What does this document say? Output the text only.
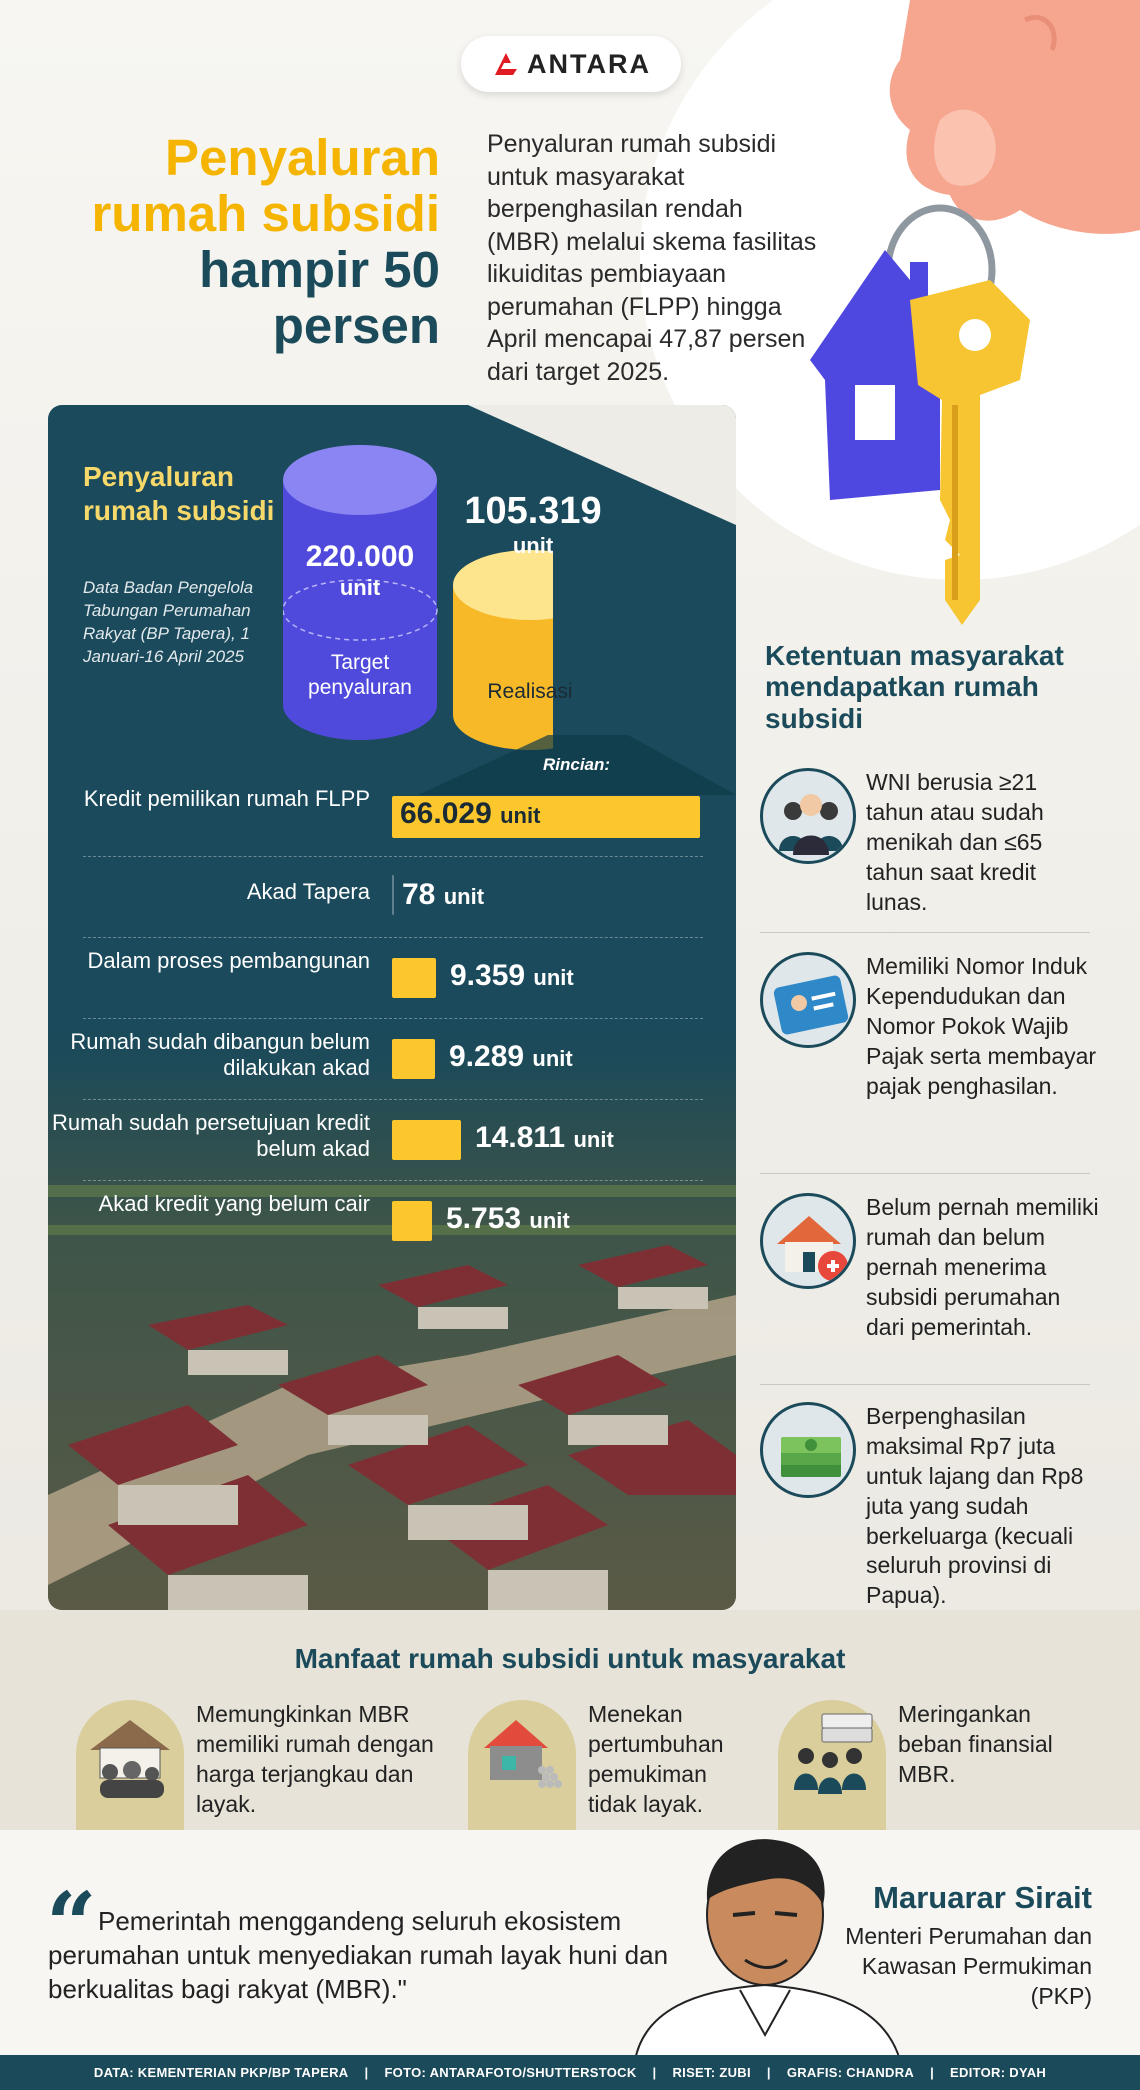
ANTARA
Penyaluran
rumah subsidi
hampir 50
persen
Penyaluran rumah subsidi untuk masyarakat berpenghasilan rendah (MBR) melalui skema fasilitas likuiditas pembiayaan perumahan (FLPP) hingga April mencapai 47,87 persen dari target 2025.
Penyaluran rumah subsidi
Data Badan Pengelola Tabungan Perumahan Rakyat (BP Tapera), 1 Januari-16 April 2025
220.000
unit
Target penyaluran
105.319
unit
Realisasi
Rincian:
Kredit pemilikan rumah FLPP 66.029 unit
Akad Tapera 78 unit
Dalam proses pembangunan	9.359 unit
Rumah sudah dibangun belum dilakukan akad	9.289 unit
Rumah sudah persetujuan kredit belum akad	14.811 unit
Akad kredit yang belum cair	5.753 unit
Ketentuan masyarakat mendapatkan rumah subsidi
WNI berusia ≥21 tahun atau sudah menikah dan ≤65 tahun saat kredit lunas.
Memiliki Nomor Induk Kependudukan dan Nomor Pokok Wajib Pajak serta membayar pajak penghasilan.
Belum pernah memiliki rumah dan belum pernah menerima subsidi perumahan dari pemerintah.
Berpenghasilan maksimal Rp7 juta untuk lajang dan Rp8 juta yang sudah berkeluarga (kecuali seluruh provinsi di Papua).
Manfaat rumah subsidi untuk masyarakat
Memungkinkan MBR memiliki rumah dengan harga terjangkau dan layak.
Menekan pertumbuhan pemukiman tidak layak.
Meringankan beban finansial MBR.
“ Pemerintah menggandeng seluruh ekosistem perumahan untuk menyediakan rumah layak huni dan berkualitas bagi rakyat (MBR)."
Maruarar Sirait
Menteri Perumahan dan Kawasan Permukiman (PKP)
DATA: KEMENTERIAN PKP/BP TAPERA | FOTO: ANTARAFOTO/SHUTTERSTOCK | RISET: ZUBI | GRAFIS: CHANDRA | EDITOR: DYAH
